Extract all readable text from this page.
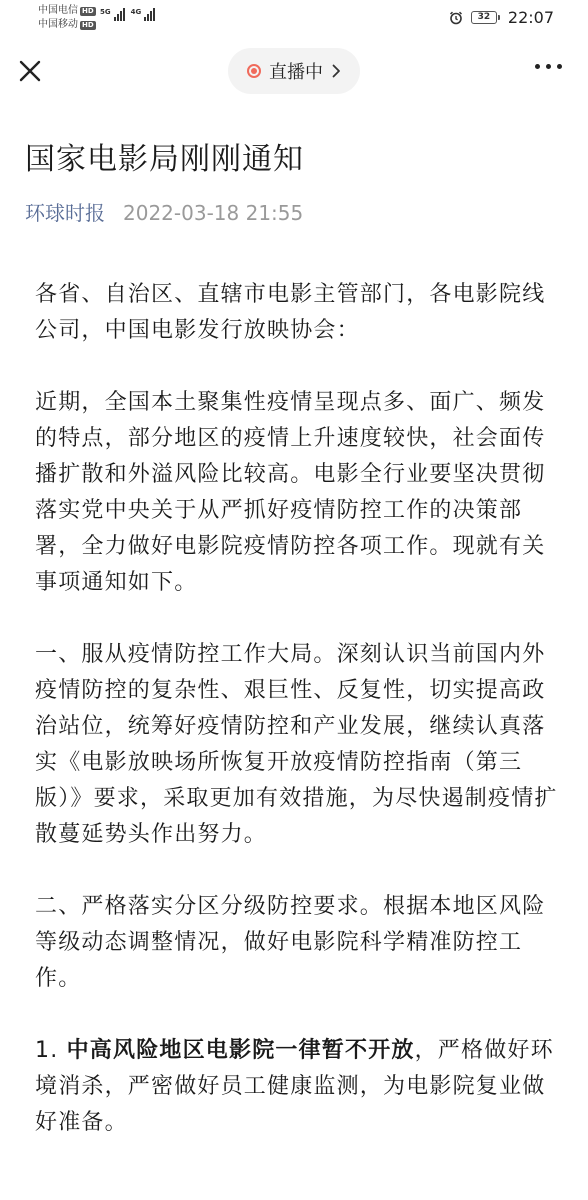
中国电信 HD
中国移动 HD
5G	4G	32	22:07
直播中
国家电影局刚刚通知
环球时报 2022-03-18 21:55

各省、自治区、直辖市电影主管部门，各电影院线公司，中国电影发行放映协会：

近期，全国本土聚集性疫情呈现点多、面广、频发的特点，部分地区的疫情上升速度较快，社会面传播扩散和外溢风险比较高。电影全行业要坚决贯彻落实党中央关于从严抓好疫情防控工作的决策部署，全力做好电影院疫情防控各项工作。现就有关事项通知如下。

一、服从疫情防控工作大局。深刻认识当前国内外疫情防控的复杂性、艰巨性、反复性，切实提高政治站位，统筹好疫情防控和产业发展，继续认真落实《电影放映场所恢复开放疫情防控指南（第三版）》要求，采取更加有效措施，为尽快遏制疫情扩散蔓延势头作出努力。

二、严格落实分区分级防控要求。根据本地区风险等级动态调整情况，做好电影院科学精准防控工作。

1. 中高风险地区电影院一律暂不开放，严格做好环境消杀，严密做好员工健康监测，为电影院复业做好准备。
